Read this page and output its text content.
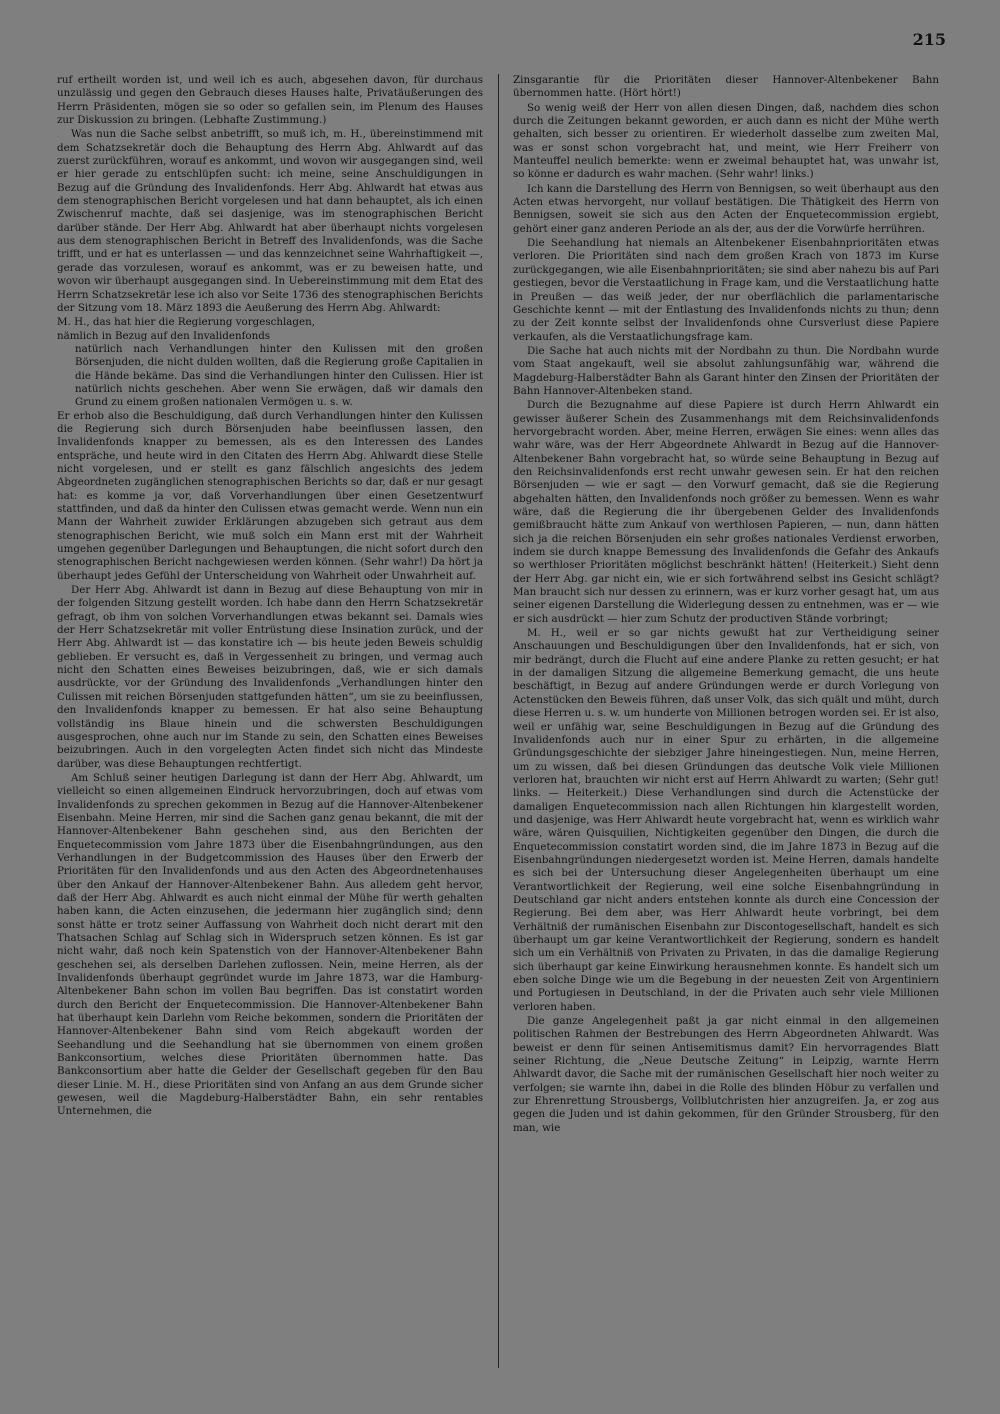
215

ruf ertheilt worden ist, und weil ich es auch, abgesehen davon, für durchaus unzulässig und gegen den Gebrauch dieses Hauses halte, Privatäußerungen des Herrn Präsidenten, mögen sie so oder so gefallen sein, im Plenum des Hauses zur Diskussion zu bringen. (Lebhafte Zustimmung.)

Was nun die Sache selbst anbetrifft, so muß ich, m. H., übereinstimmend mit dem Schatzsekretär doch die Behauptung des Herrn Abg. Ahlwardt auf das zuerst zurückführen, worauf es ankommt, und wovon wir ausgegangen sind, weil er hier gerade zu entschlüpfen sucht: ich meine, seine Anschuldigungen in Bezug auf die Gründung des Invalidenfonds. Herr Abg. Ahlwardt hat etwas aus dem stenographischen Bericht vorgelesen und hat dann behauptet, als ich einen Zwischenruf machte, daß sei dasjenige, was im stenographischen Bericht darüber stände. Der Herr Abg. Ahlwardt hat aber überhaupt nichts vorgelesen aus dem stenographischen Bericht in Betreff des Invalidenfonds, was die Sache trifft, und er hat es unterlassen — und das kennzeichnet seine Wahrhaftigkeit —, gerade das vorzulesen, worauf es ankommt, was er zu beweisen hatte, und wovon wir überhaupt ausgegangen sind. In Uebereinstimmung mit dem Etat des Herrn Schatzsekretär lese ich also vor Seite 1736 des stenographischen Berichts der Sitzung vom 18. März 1893 die Aeußerung des Herrn Abg. Ahlwardt:

M. H., das hat hier die Regierung vorgeschlagen,

nämlich in Bezug auf den Invalidenfonds

natürlich nach Verhandlungen hinter den Kulissen mit den großen Börsenjuden, die nicht dulden wollten, daß die Regierung große Capitalien in die Hände bekäme. Das sind die Verhandlungen hinter den Culissen. Hier ist natürlich nichts geschehen. Aber wenn Sie erwägen, daß wir damals den Grund zu einem großen nationalen Vermögen u. s. w.

Er erhob also die Beschuldigung, daß durch Verhandlungen hinter den Kulissen die Regierung sich durch Börsenjuden habe beeinflussen lassen, den Invalidenfonds knapper zu bemessen, als es den Interessen des Landes entspräche, und heute wird in den Citaten des Herrn Abg. Ahlwardt diese Stelle nicht vorgelesen, und er stellt es ganz fälschlich angesichts des jedem Abgeordneten zugänglichen stenographischen Berichts so dar, daß er nur gesagt hat: es komme ja vor, daß Vorverhandlungen über einen Gesetzentwurf stattfinden, und daß da hinter den Culissen etwas gemacht werde. Wenn nun ein Mann der Wahrheit zuwider Erklärungen abzugeben sich getraut aus dem stenographischen Bericht, wie muß solch ein Mann erst mit der Wahrheit umgehen gegenüber Darlegungen und Behauptungen, die nicht sofort durch den stenographischen Bericht nachgewiesen werden können. (Sehr wahr!) Da hört ja überhaupt jedes Gefühl der Unterscheidung von Wahrheit oder Unwahrheit auf.

Der Herr Abg. Ahlwardt ist dann in Bezug auf diese Behauptung von mir in der folgenden Sitzung gestellt worden. Ich habe dann den Herrn Schatzsekretär gefragt, ob ihm von solchen Vorverhandlungen etwas bekannt sei. Damals wies der Herr Schatzsekretär mit voller Entrüstung diese Insination zurück, und der Herr Abg. Ahlwardt ist — das konstatire ich — bis heute jeden Beweis schuldig geblieben. Er versucht es, daß in Vergessenheit zu bringen, und vermag auch nicht den Schatten eines Beweises beizubringen, daß, wie er sich damals ausdrückte, vor der Gründung des Invalidenfonds „Verhandlungen hinter den Culissen mit reichen Börsenjuden stattgefunden hätten“, um sie zu beeinflussen, den Invalidenfonds knapper zu bemessen. Er hat also seine Behauptung vollständig ins Blaue hinein und die schwersten Beschuldigungen ausgesprochen, ohne auch nur im Stande zu sein, den Schatten eines Beweises beizubringen. Auch in den vorgelegten Acten findet sich nicht das Mindeste darüber, was diese Behauptungen rechtfertigt.

Am Schluß seiner heutigen Darlegung ist dann der Herr Abg. Ahlwardt, um vielleicht so einen allgemeinen Eindruck hervorzubringen, doch auf etwas vom Invalidenfonds zu sprechen gekommen in Bezug auf die Hannover-Altenbekener Eisenbahn. Meine Herren, mir sind die Sachen ganz genau bekannt, die mit der Hannover-Altenbekener Bahn geschehen sind, aus den Berichten der Enquetecommission vom Jahre 1873 über die Eisenbahngründungen, aus den Verhandlungen in der Budgetcommission des Hauses über den Erwerb der Prioritäten für den Invalidenfonds und aus den Acten des Abgeordnetenhauses über den Ankauf der Hannover-Altenbekener Bahn. Aus alledem geht hervor, daß der Herr Abg. Ahlwardt es auch nicht einmal der Mühe für werth gehalten haben kann, die Acten einzusehen, die jedermann hier zugänglich sind; denn sonst hätte er trotz seiner Auffassung von Wahrheit doch nicht derart mit den Thatsachen Schlag auf Schlag sich in Widerspruch setzen können. Es ist gar nicht wahr, daß noch kein Spatenstich von der Hannover-Altenbekener Bahn geschehen sei, als derselben Darlehen zuflossen. Nein, meine Herren, als der Invalidenfonds überhaupt gegründet wurde im Jahre 1873, war die Hamburg-Altenbekener Bahn schon im vollen Bau begriffen. Das ist constatirt worden durch den Bericht der Enquetecommission. Die Hannover-Altenbekener Bahn hat überhaupt kein Darlehn vom Reiche bekommen, sondern die Prioritäten der Hannover-Altenbekener Bahn sind vom Reich abgekauft worden der Seehandlung und die Seehandlung hat sie übernommen von einem großen Bankconsortium, welches diese Prioritäten übernommen hatte. Das Bankconsortium aber hatte die Gelder der Gesellschaft gegeben für den Bau dieser Linie. M. H., diese Prioritäten sind von Anfang an aus dem Grunde sicher gewesen, weil die Magdeburg-Halberstädter Bahn, ein sehr rentables Unternehmen, die

Zinsgarantie für die Prioritäten dieser Hannover-Altenbekener Bahn übernommen hatte. (Hört hört!)

So wenig weiß der Herr von allen diesen Dingen, daß, nachdem dies schon durch die Zeitungen bekannt geworden, er auch dann es nicht der Mühe werth gehalten, sich besser zu orientiren. Er wiederholt dasselbe zum zweiten Mal, was er sonst schon vorgebracht hat, und meint, wie Herr Freiherr von Manteuffel neulich bemerkte: wenn er zweimal behauptet hat, was unwahr ist, so könne er dadurch es wahr machen. (Sehr wahr! links.)

Ich kann die Darstellung des Herrn von Bennigsen, so weit überhaupt aus den Acten etwas hervorgeht, nur vollauf bestätigen. Die Thätigkeit des Herrn von Bennigsen, soweit sie sich aus den Acten der Enquetecommission ergiebt, gehört einer ganz anderen Periode an als der, aus der die Vorwürfe herrühren.

Die Seehandlung hat niemals an Altenbekener Eisenbahnprioritäten etwas verloren. Die Prioritäten sind nach dem großen Krach von 1873 im Kurse zurückgegangen, wie alle Eisenbahnprioritäten; sie sind aber nahezu bis auf Pari gestiegen, bevor die Verstaatlichung in Frage kam, und die Verstaatlichung hatte in Preußen — das weiß jeder, der nur oberflächlich die parlamentarische Geschichte kennt — mit der Entlastung des Invalidenfonds nichts zu thun; denn zu der Zeit konnte selbst der Invalidenfonds ohne Cursverlust diese Papiere verkaufen, als die Verstaatlichungsfrage kam.

Die Sache hat auch nichts mit der Nordbahn zu thun. Die Nordbahn wurde vom Staat angekauft, weil sie absolut zahlungsunfähig war, während die Magdeburg-Halberstädter Bahn als Garant hinter den Zinsen der Prioritäten der Bahn Hannover-Altenbeken stand.

Durch die Bezugnahme auf diese Papiere ist durch Herrn Ahlwardt ein gewisser äußerer Schein des Zusammenhangs mit dem Reichsinvalidenfonds hervorgebracht worden. Aber, meine Herren, erwägen Sie eines: wenn alles das wahr wäre, was der Herr Abgeordnete Ahlwardt in Bezug auf die Hannover-Altenbekener Bahn vorgebracht hat, so würde seine Behauptung in Bezug auf den Reichsinvalidenfonds erst recht unwahr gewesen sein. Er hat den reichen Börsenjuden — wie er sagt — den Vorwurf gemacht, daß sie die Regierung abgehalten hätten, den Invalidenfonds noch größer zu bemessen. Wenn es wahr wäre, daß die Regierung die ihr übergebenen Gelder des Invalidenfonds gemißbraucht hätte zum Ankauf von werthlosen Papieren, — nun, dann hätten sich ja die reichen Börsenjuden ein sehr großes nationales Verdienst erworben, indem sie durch knappe Bemessung des Invalidenfonds die Gefahr des Ankaufs so werthloser Prioritäten möglichst beschränkt hätten! (Heiterkeit.) Sieht denn der Herr Abg. gar nicht ein, wie er sich fortwährend selbst ins Gesicht schlägt? Man braucht sich nur dessen zu erinnern, was er kurz vorher gesagt hat, um aus seiner eigenen Darstellung die Widerlegung dessen zu entnehmen, was er — wie er sich ausdrückt — hier zum Schutz der productiven Stände vorbringt;

M. H., weil er so gar nichts gewußt hat zur Vertheidigung seiner Anschauungen und Beschuldigungen über den Invalidenfonds, hat er sich, von mir bedrängt, durch die Flucht auf eine andere Planke zu retten gesucht; er hat in der damaligen Sitzung die allgemeine Bemerkung gemacht, die uns heute beschäftigt, in Bezug auf andere Gründungen werde er durch Vorlegung von Actenstücken den Beweis führen, daß unser Volk, das sich quält und müht, durch diese Herren u. s. w. um hunderte von Millionen betrogen worden sei. Er ist also, weil er unfähig war, seine Beschuldigungen in Bezug auf die Gründung des Invalidenfonds auch nur in einer Spur zu erhärten, in die allgemeine Gründungsgeschichte der siebziger Jahre hineingestiegen. Nun, meine Herren, um zu wissen, daß bei diesen Gründungen das deutsche Volk viele Millionen verloren hat, brauchten wir nicht erst auf Herrn Ahlwardt zu warten; (Sehr gut! links. — Heiterkeit.) Diese Verhandlungen sind durch die Actenstücke der damaligen Enquetecommission nach allen Richtungen hin klargestellt worden, und dasjenige, was Herr Ahlwardt heute vorgebracht hat, wenn es wirklich wahr wäre, wären Quisquilien, Nichtigkeiten gegenüber den Dingen, die durch die Enquetecommission constatirt worden sind, die im Jahre 1873 in Bezug auf die Eisenbahngründungen niedergesetzt worden ist. Meine Herren, damals handelte es sich bei der Untersuchung dieser Angelegenheiten überhaupt um eine Verantwortlichkeit der Regierung, weil eine solche Eisenbahngründung in Deutschland gar nicht anders entstehen konnte als durch eine Concession der Regierung. Bei dem aber, was Herr Ahlwardt heute vorbringt, bei dem Verhältniß der rumänischen Eisenbahn zur Discontogesellschaft, handelt es sich überhaupt um gar keine Verantwortlichkeit der Regierung, sondern es handelt sich um ein Verhältniß von Privaten zu Privaten, in das die damalige Regierung sich überhaupt gar keine Einwirkung herausnehmen konnte. Es handelt sich um eben solche Dinge wie um die Begebung in der neuesten Zeit von Argentiniern und Portugiesen in Deutschland, in der die Privaten auch sehr viele Millionen verloren haben.

Die ganze Angelegenheit paßt ja gar nicht einmal in den allgemeinen politischen Rahmen der Bestrebungen des Herrn Abgeordneten Ahlwardt. Was beweist er denn für seinen Antisemitismus damit? Ein hervorragendes Blatt seiner Richtung, die „Neue Deutsche Zeitung“ in Leipzig, warnte Herrn Ahlwardt davor, die Sache mit der rumänischen Gesellschaft hier noch weiter zu verfolgen; sie warnte ihn, dabei in die Rolle des blinden Höbur zu verfallen und zur Ehrenrettung Strousbergs, Vollblutchristen hier anzugreifen. Ja, er zog aus gegen die Juden und ist dahin gekommen, für den Gründer Strousberg, für den man, wie
